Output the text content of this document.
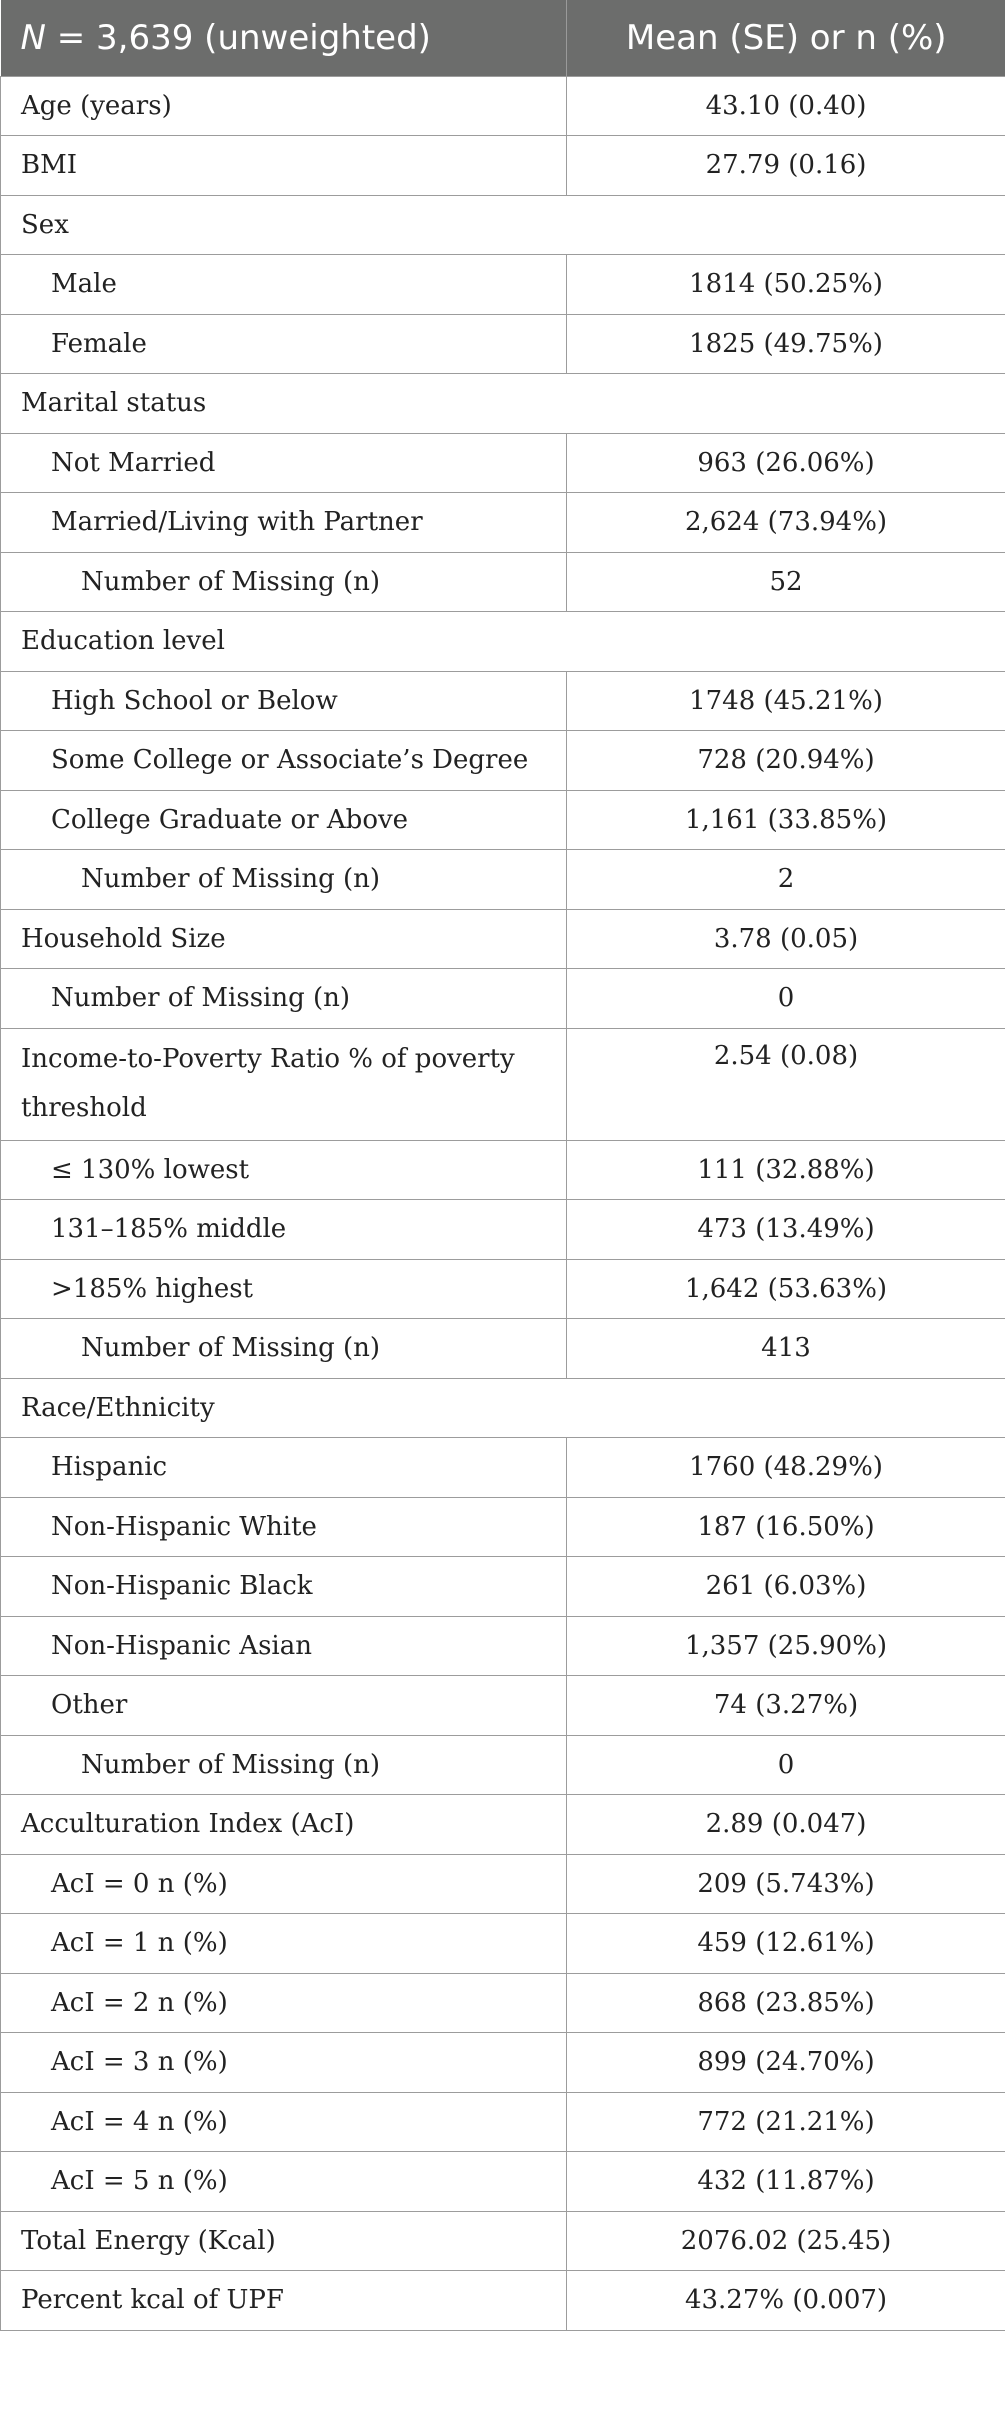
N = 3,639 (unweighted)	Mean (SE) or n (%)
Age (years)	43.10 (0.40)
BMI	27.79 (0.16)
Sex	
Male	1814 (50.25%)
Female	1825 (49.75%)
Marital status	
Not Married	963 (26.06%)
Married/Living with Partner	2,624 (73.94%)
Number of Missing (n)	52
Education level	
High School or Below	1748 (45.21%)
Some College or Associate’s Degree	728 (20.94%)
College Graduate or Above	1,161 (33.85%)
Number of Missing (n)	2
Household Size	3.78 (0.05)
Number of Missing (n)	0
Income-to-Poverty Ratio % of poverty threshold	2.54 (0.08)
≤ 130% lowest	111 (32.88%)
131–185% middle	473 (13.49%)
>185% highest	1,642 (53.63%)
Number of Missing (n)	413
Race/Ethnicity	
Hispanic	1760 (48.29%)
Non-Hispanic White	187 (16.50%)
Non-Hispanic Black	261 (6.03%)
Non-Hispanic Asian	1,357 (25.90%)
Other	74 (3.27%)
Number of Missing (n)	0
Acculturation Index (AcI)	2.89 (0.047)
AcI = 0 n (%)	209 (5.743%)
AcI = 1 n (%)	459 (12.61%)
AcI = 2 n (%)	868 (23.85%)
AcI = 3 n (%)	899 (24.70%)
AcI = 4 n (%)	772 (21.21%)
AcI = 5 n (%)	432 (11.87%)
Total Energy (Kcal)	2076.02 (25.45)
Percent kcal of UPF	43.27% (0.007)
